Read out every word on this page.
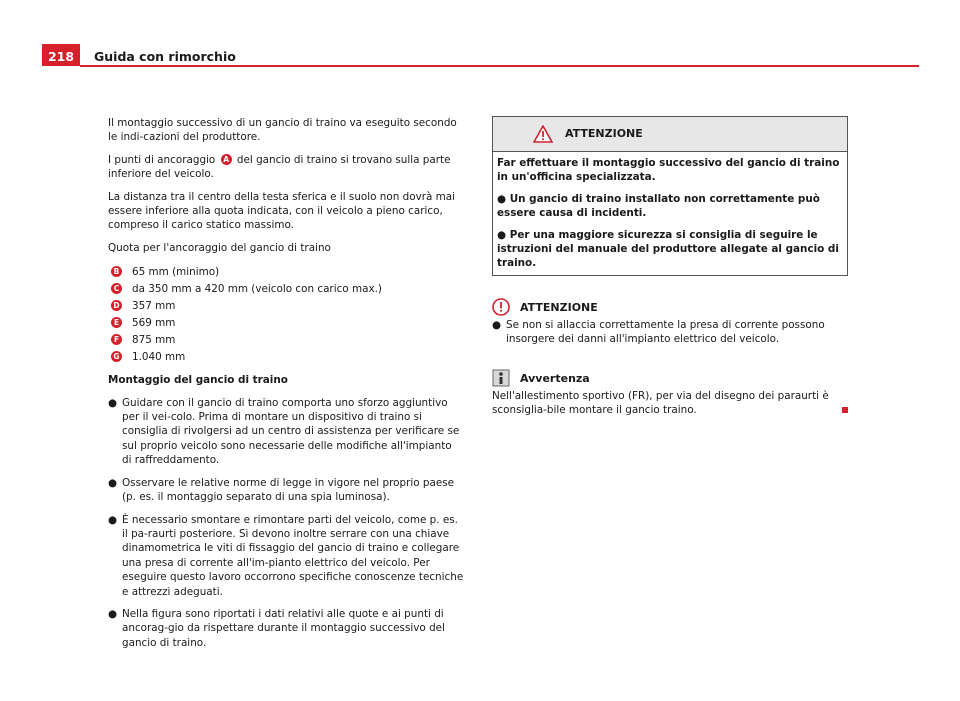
218	Guida con rimorchio

Il montaggio successivo di un gancio di traino va eseguito secondo le indi-cazioni del produttore.

I punti di ancoraggio A del gancio di traino si trovano sulla parte inferiore del veicolo.

La distanza tra il centro della testa sferica e il suolo non dovrà mai essere inferiore alla quota indicata, con il veicolo a pieno carico, compreso il carico statico massimo.

Quota per l'ancoraggio del gancio di traino

B 65 mm (minimo)
C da 350 mm a 420 mm (veicolo con carico max.)
D 357 mm
E 569 mm
F 875 mm
G 1.040 mm
Montaggio del gancio di traino
● Guidare con il gancio di traino comporta uno sforzo aggiuntivo per il vei-colo. Prima di montare un dispositivo di traino si consiglia di rivolgersi ad un centro di assistenza per verificare se sul proprio veicolo sono necessarie delle modifiche all'impianto di raffreddamento.
● Osservare le relative norme di legge in vigore nel proprio paese (p. es. il montaggio separato di una spia luminosa).
● È necessario smontare e rimontare parti del veicolo, come p. es. il pa-raurti posteriore. Si devono inoltre serrare con una chiave dinamometrica le viti di fissaggio del gancio di traino e collegare una presa di corrente all'im-pianto elettrico del veicolo. Per eseguire questo lavoro occorrono specifiche conoscenze tecniche e attrezzi adeguati.
● Nella figura sono riportati i dati relativi alle quote e ai punti di ancorag-gio da rispettare durante il montaggio successivo del gancio di traino.
ATTENZIONE

Far effettuare il montaggio successivo del gancio di traino in un'officina specializzata.

● Un gancio di traino installato non correttamente può essere causa di incidenti.

● Per una maggiore sicurezza si consiglia di seguire le istruzioni del manuale del produttore allegate al gancio di traino.

ATTENZIONE
● Se non si allaccia correttamente la presa di corrente possono insorgere dei danni all'impianto elettrico del veicolo.
Avvertenza

Nell'allestimento sportivo (FR), per via del disegno dei paraurti è sconsiglia-bile montare il gancio traino.
